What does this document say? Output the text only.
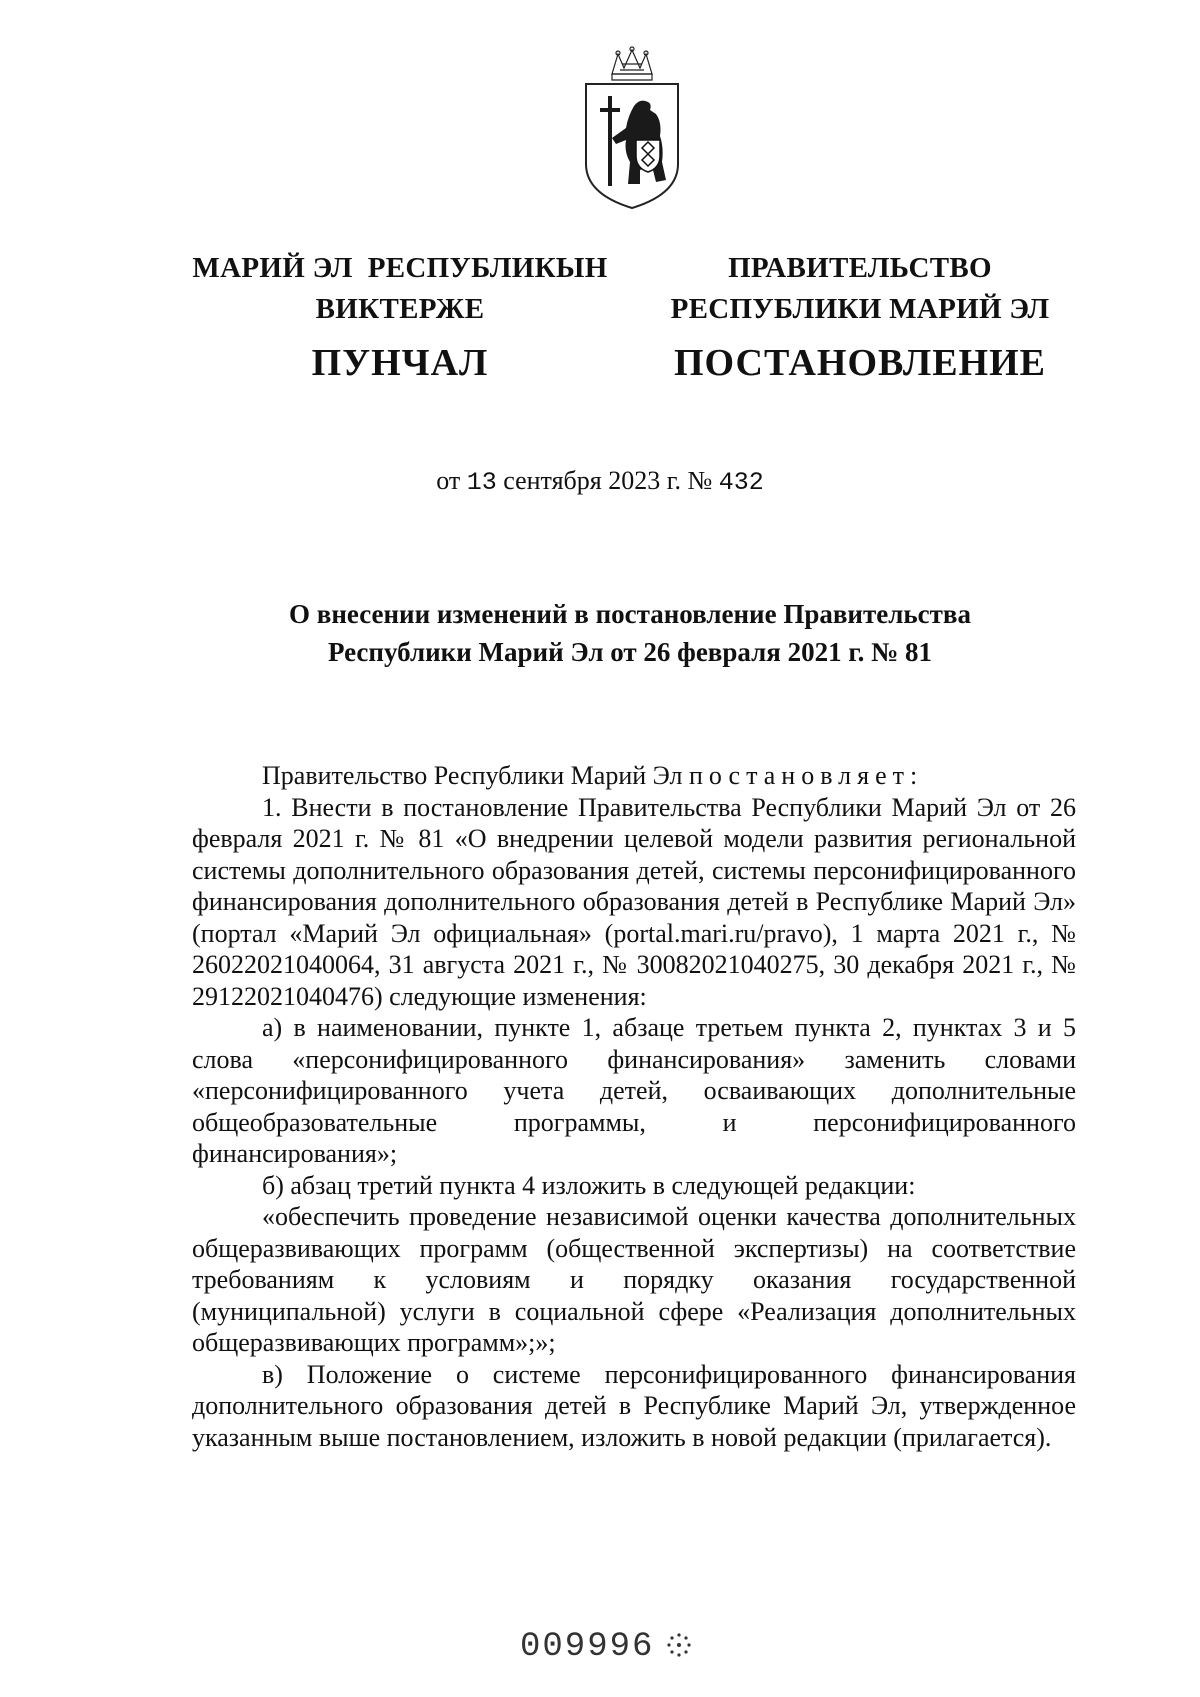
МАРИЙ ЭЛ  РЕСПУБЛИКЫН
ВИКТЕРЖЕ
ПУНЧАЛ
ПРАВИТЕЛЬСТВО
РЕСПУБЛИКИ МАРИЙ ЭЛ
ПОСТАНОВЛЕНИЕ
от 13 сентября 2023 г. № 432
О внесении изменений в постановление Правительства
Республики Марий Эл от 26 февраля 2021 г. № 81

Правительство Республики Марий Эл постановляет:

1. Внести в постановление Правительства Республики Марий Эл от 26 февраля 2021 г. № 81 «О внедрении целевой модели развития региональной системы дополнительного образования детей, системы персонифицированного финансирования дополнительного образования детей в Республике Марий Эл» (портал «Марий Эл официальная» (portal.mari.ru/pravo), 1 марта 2021 г., № 26022021040064, 31 августа 2021 г., № 30082021040275, 30 декабря 2021 г., № 29122021040476) следующие изменения:

а) в наименовании, пункте 1, абзаце третьем пункта 2, пунктах 3 и 5 слова «персонифицированного финансирования» заменить словами «персонифицированного учета детей, осваивающих дополнительные общеобразовательные программы, и персонифицированного финансирования»;

б) абзац третий пункта 4 изложить в следующей редакции:

«обеспечить проведение независимой оценки качества дополнительных общеразвивающих программ (общественной экспертизы) на соответствие требованиям к условиям и порядку оказания государственной (муниципальной) услуги в социальной сфере «Реализация дополнительных общеразвивающих программ»;»;

в) Положение о системе персонифицированного финансирования дополнительного образования детей в Республике Марий Эл, утвержденное указанным выше постановлением, изложить в новой редакции (прилагается).

009996
